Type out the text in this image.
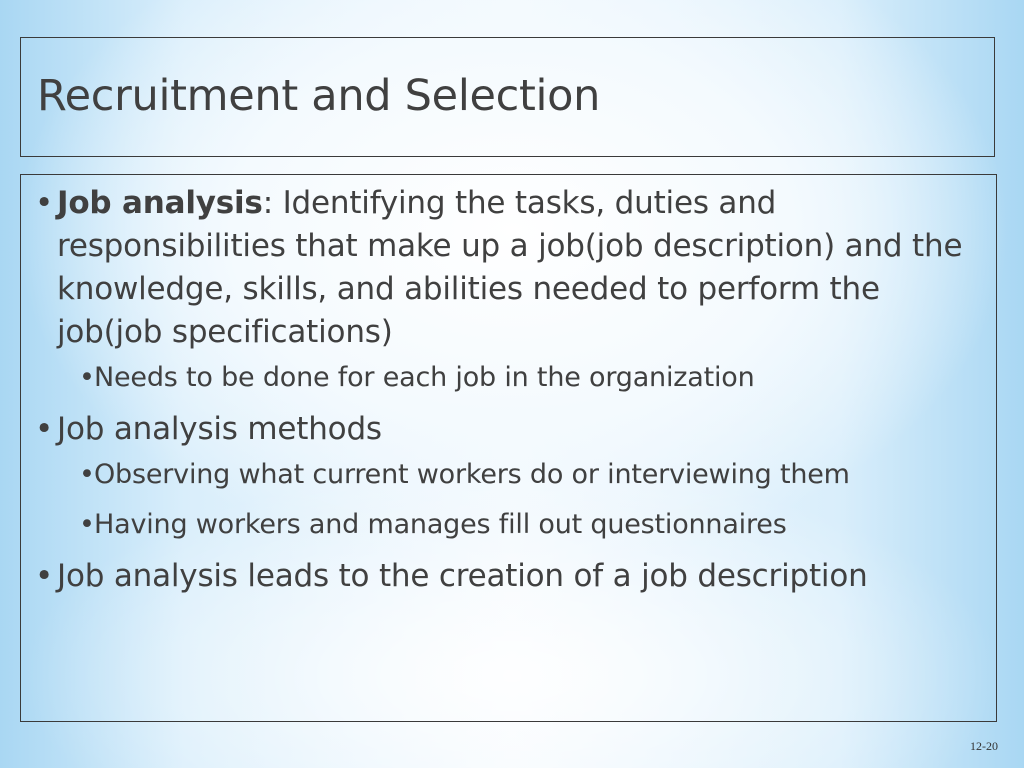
Recruitment and Selection
• Job analysis: Identifying the tasks, duties and responsibilities that make up a job(job description) and the knowledge, skills, and abilities needed to perform the job(job specifications)
• Needs to be done for each job in the organization
• Job analysis methods
• Observing what current workers do or interviewing them
• Having workers and manages fill out questionnaires
• Job analysis leads to the creation of a job description
12-20
